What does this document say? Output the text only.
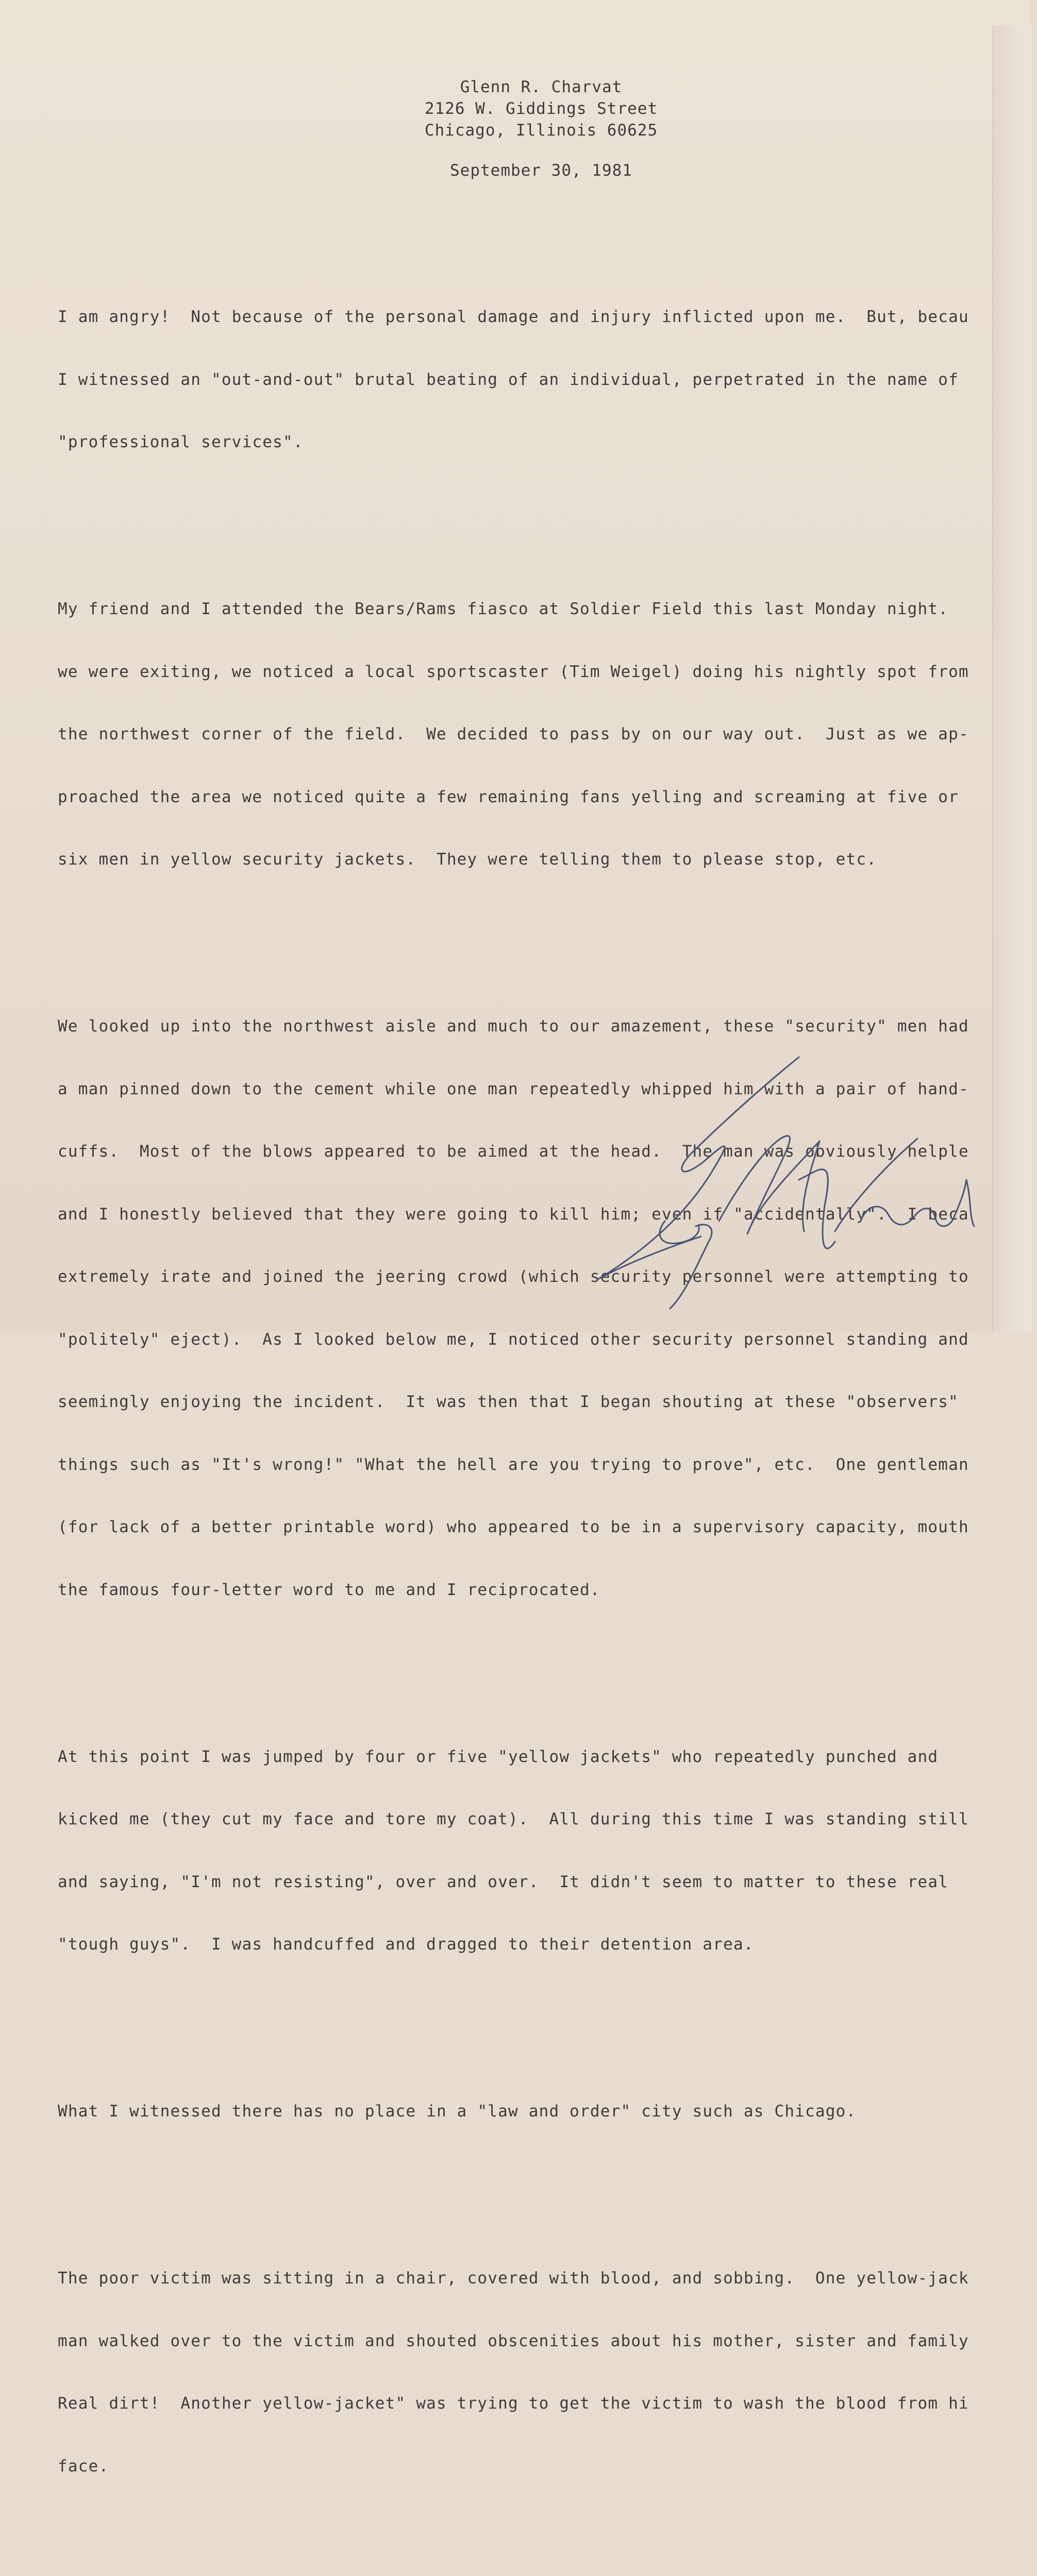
Glenn R. Charvat
2126 W. Giddings Street
Chicago, Illinois 60625
September 30, 1981

I am angry!  Not because of the personal damage and injury inflicted upon me.  But, becau

I witnessed an "out-and-out" brutal beating of an individual, perpetrated in the name of

"professional services".

My friend and I attended the Bears/Rams fiasco at Soldier Field this last Monday night.

we were exiting, we noticed a local sportscaster (Tim Weigel) doing his nightly spot from

the northwest corner of the field.  We decided to pass by on our way out.  Just as we ap-

proached the area we noticed quite a few remaining fans yelling and screaming at five or

six men in yellow security jackets.  They were telling them to please stop, etc.

We looked up into the northwest aisle and much to our amazement, these "security" men had

a man pinned down to the cement while one man repeatedly whipped him with a pair of hand-

cuffs.  Most of the blows appeared to be aimed at the head.  The man was obviously helple

and I honestly believed that they were going to kill him; even if "accidentally".  I beca

extremely irate and joined the jeering crowd (which security personnel were attempting to

"politely" eject).  As I looked below me, I noticed other security personnel standing and

seemingly enjoying the incident.  It was then that I began shouting at these "observers"

things such as "It's wrong!" "What the hell are you trying to prove", etc.  One gentleman

(for lack of a better printable word) who appeared to be in a supervisory capacity, mouth

the famous four-letter word to me and I reciprocated.

At this point I was jumped by four or five "yellow jackets" who repeatedly punched and

kicked me (they cut my face and tore my coat).  All during this time I was standing still

and saying, "I'm not resisting", over and over.  It didn't seem to matter to these real

"tough guys".  I was handcuffed and dragged to their detention area.

What I witnessed there has no place in a "law and order" city such as Chicago.

The poor victim was sitting in a chair, covered with blood, and sobbing.  One yellow-jack

man walked over to the victim and shouted obscenities about his mother, sister and family

Real dirt!  Another yellow-jacket" was trying to get the victim to wash the blood from hi

face.
